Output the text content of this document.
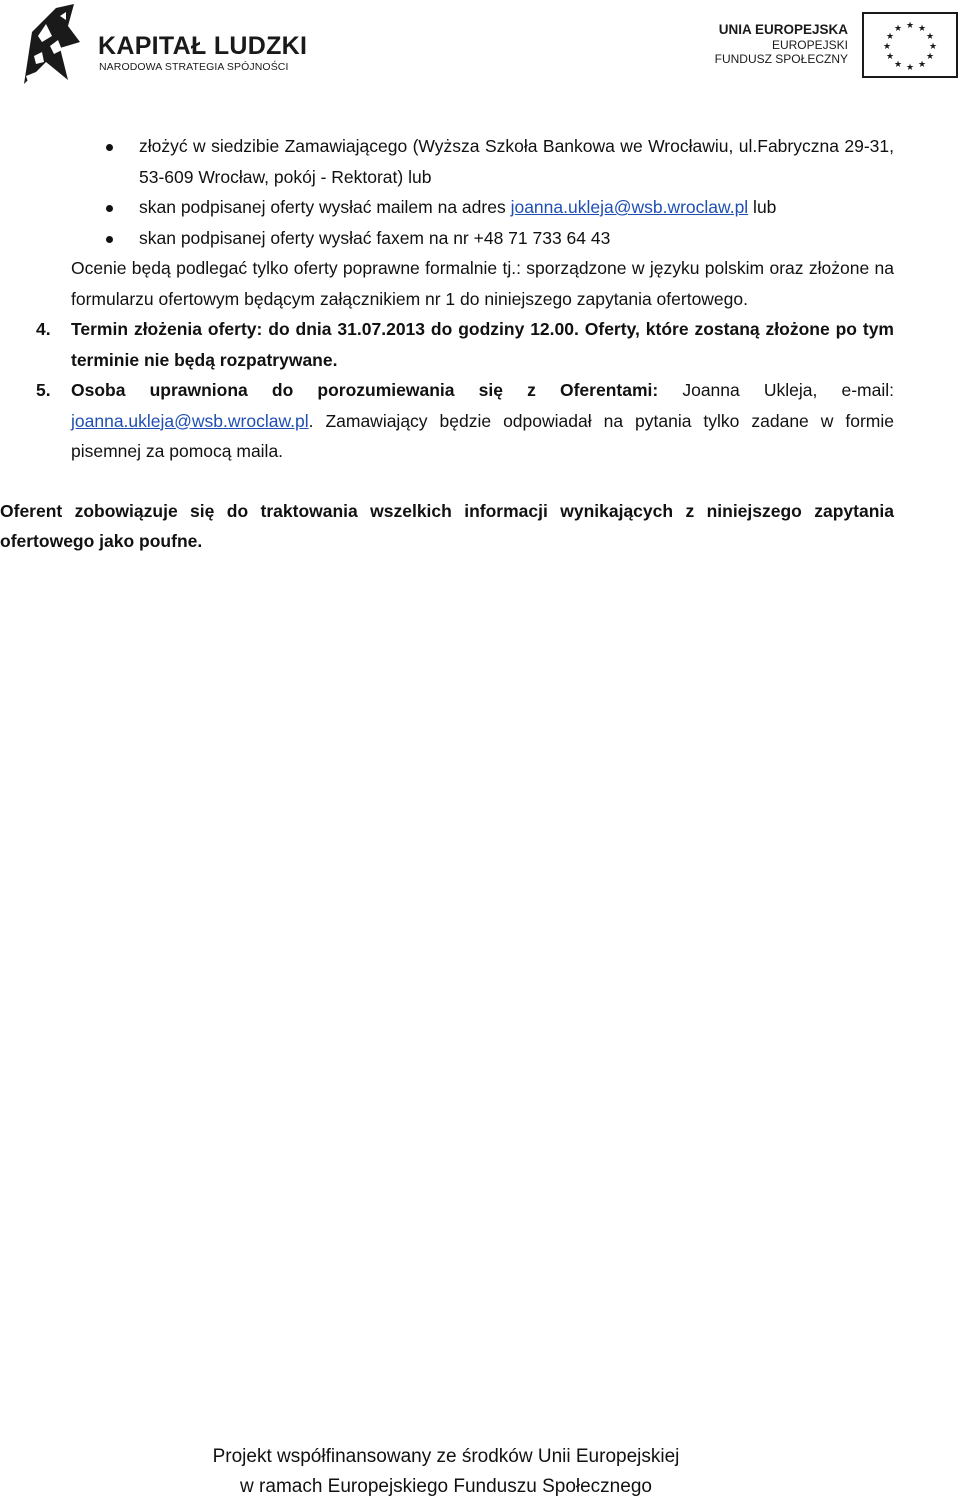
KAPITAŁ LUDZKI
NARODOWA STRATEGIA SPÓJNOŚCI
UNIA EUROPEJSKA
EUROPEJSKI
FUNDUSZ SPOŁECZNY
★ ★
★
★
★
★
★
★
★
★
★
★
złożyć w siedzibie Zamawiającego (Wyższa Szkoła Bankowa we Wrocławiu, ul.Fabryczna 29-31, 53-609 Wrocław, pokój - Rektorat) lub
skan podpisanej oferty wysłać mailem na adres joanna.ukleja@wsb.wroclaw.pl lub
skan podpisanej oferty wysłać faxem na nr +48 71 733 64 43
Ocenie będą podlegać tylko oferty poprawne formalnie tj.: sporządzone w języku polskim oraz złożone na formularzu ofertowym będącym załącznikiem nr 1 do niniejszego zapytania ofertowego.
4. Termin złożenia oferty: do dnia 31.07.2013 do godziny 12.00. Oferty, które zostaną złożone po tym terminie nie będą rozpatrywane.
5. Osoba uprawniona do porozumiewania się z Oferentami: Joanna Ukleja, e-mail: joanna.ukleja@wsb.wroclaw.pl. Zamawiający będzie odpowiadał na pytania tylko zadane w formie pisemnej za pomocą maila.
Oferent zobowiązuje się do traktowania wszelkich informacji wynikających z niniejszego zapytania ofertowego jako poufne.
Projekt współfinansowany ze środków Unii Europejskiej
w ramach Europejskiego Funduszu Społecznego
